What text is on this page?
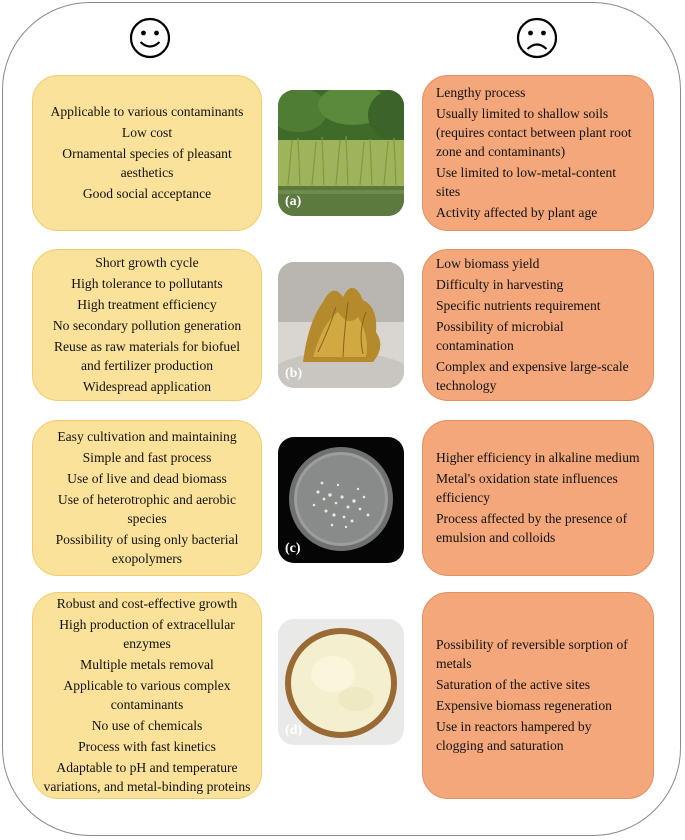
Applicable to various contaminants
Low cost
Ornamental species of pleasant aesthetics
Good social acceptance
(a)
Lengthy process
Usually limited to shallow soils (requires contact between plant root zone and contaminants)
Use limited to low-metal-content sites
Activity affected by plant age
Short growth cycle
High tolerance to pollutants
High treatment efficiency
No secondary pollution generation
Reuse as raw materials for biofuel and fertilizer production
Widespread application
(b)
Low biomass yield
Difficulty in harvesting
Specific nutrients requirement
Possibility of microbial contamination
Complex and expensive large-scale technology
Easy cultivation and maintaining
Simple and fast process
Use of live and dead biomass
Use of heterotrophic and aerobic species
Possibility of using only bacterial exopolymers
(c)
Higher efficiency in alkaline medium
Metal's oxidation state influences efficiency
Process affected by the presence of emulsion and colloids
Robust and cost-effective growth
High production of extracellular enzymes
Multiple metals removal
Applicable to various complex contaminants
No use of chemicals
Process with fast kinetics
Adaptable to pH and temperature variations, and metal-binding proteins
(d)
Possibility of reversible sorption of metals
Saturation of the active sites
Expensive biomass regeneration
Use in reactors hampered by clogging and saturation
